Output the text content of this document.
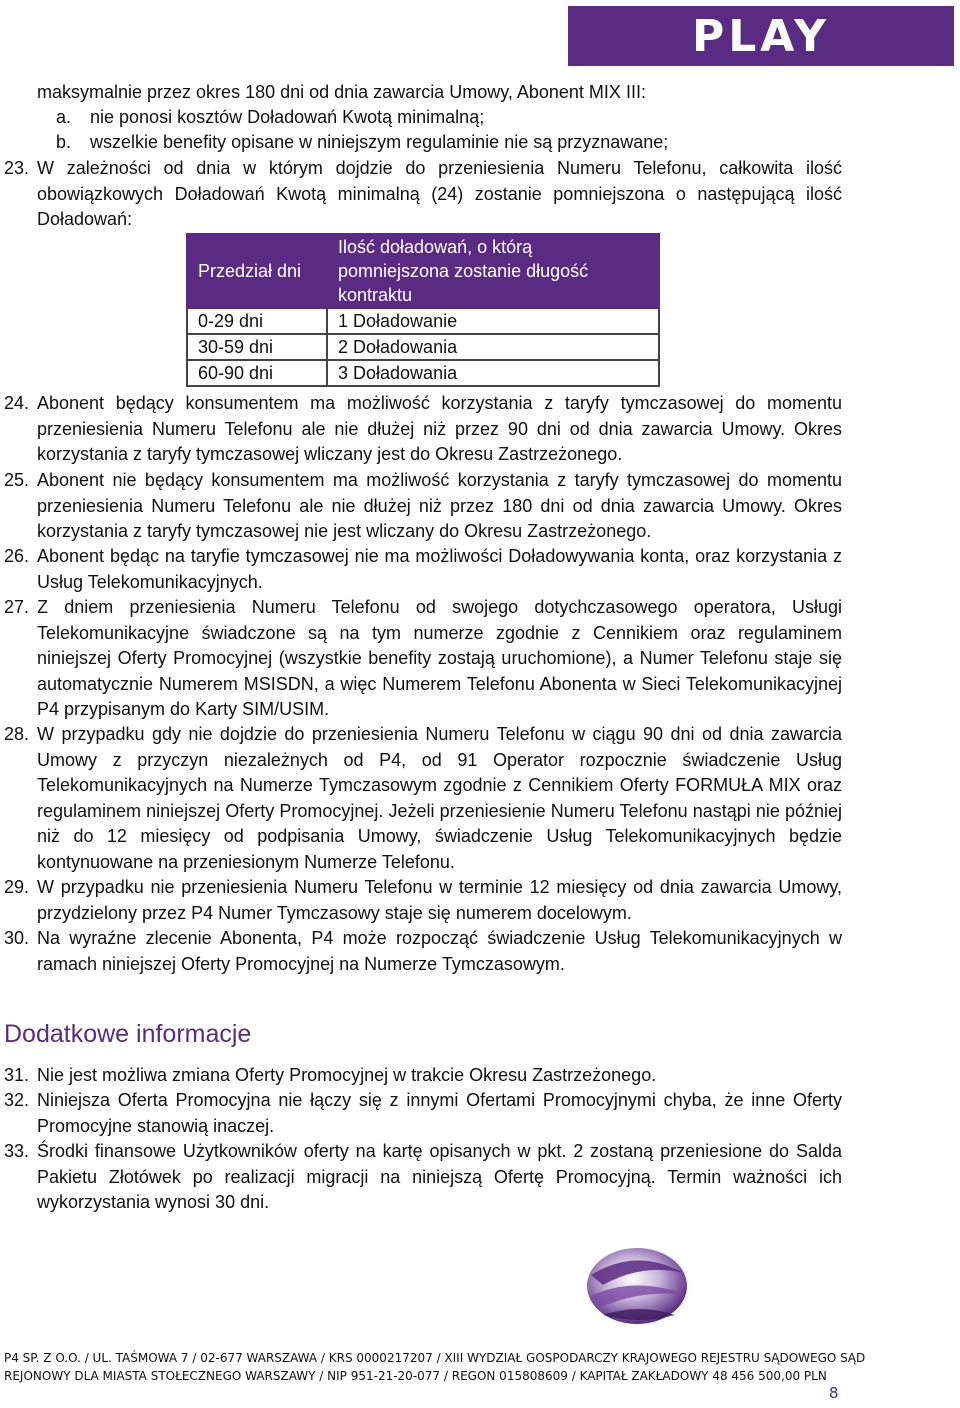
PLAY

maksymalnie przez okres 180 dni od dnia zawarcia Umowy, Abonent MIX III:

a. nie ponosi kosztów Doładowań Kwotą minimalną;
b. wszelkie benefity opisane w niniejszym regulaminie nie są przyznawane;
23. W zależności od dnia w którym dojdzie do przeniesienia Numeru Telefonu, całkowita ilość obowiązkowych Doładowań Kwotą minimalną (24) zostanie pomniejszona o następującą ilość Doładowań:
Przedział dni	Ilość doładowań, o którą pomniejszona zostanie długość kontraktu
0-29 dni	1 Doładowanie
30-59 dni	2 Doładowania
60-90 dni	3 Doładowania
24. Abonent będący konsumentem ma możliwość korzystania z taryfy tymczasowej do momentu przeniesienia Numeru Telefonu ale nie dłużej niż przez 90 dni od dnia zawarcia Umowy. Okres korzystania z taryfy tymczasowej wliczany jest do Okresu Zastrzeżonego.
25. Abonent nie będący konsumentem ma możliwość korzystania z taryfy tymczasowej do momentu przeniesienia Numeru Telefonu ale nie dłużej niż przez 180 dni od dnia zawarcia Umowy. Okres korzystania z taryfy tymczasowej nie jest wliczany do Okresu Zastrzeżonego.
26. Abonent będąc na taryfie tymczasowej nie ma możliwości Doładowywania konta, oraz korzystania z Usług Telekomunikacyjnych.
27. Z dniem przeniesienia Numeru Telefonu od swojego dotychczasowego operatora, Usługi Telekomunikacyjne świadczone są na tym numerze zgodnie z Cennikiem oraz regulaminem niniejszej Oferty Promocyjnej (wszystkie benefity zostają uruchomione), a Numer Telefonu staje się automatycznie Numerem MSISDN, a więc Numerem Telefonu Abonenta w Sieci Telekomunikacyjnej P4 przypisanym do Karty SIM/USIM.
28. W przypadku gdy nie dojdzie do przeniesienia Numeru Telefonu w ciągu 90 dni od dnia zawarcia Umowy z przyczyn niezależnych od P4, od 91 Operator rozpocznie świadczenie Usług Telekomunikacyjnych na Numerze Tymczasowym zgodnie z Cennikiem Oferty FORMUŁA MIX oraz regulaminem niniejszej Oferty Promocyjnej. Jeżeli przeniesienie Numeru Telefonu nastąpi nie później niż do 12 miesięcy od podpisania Umowy, świadczenie Usług Telekomunikacyjnych będzie kontynuowane na przeniesionym Numerze Telefonu.
29. W przypadku nie przeniesienia Numeru Telefonu w terminie 12 miesięcy od dnia zawarcia Umowy, przydzielony przez P4 Numer Tymczasowy staje się numerem docelowym.
30. Na wyraźne zlecenie Abonenta, P4 może rozpocząć świadczenie Usług Telekomunikacyjnych w ramach niniejszej Oferty Promocyjnej na Numerze Tymczasowym.
Dodatkowe informacje
31. Nie jest możliwa zmiana Oferty Promocyjnej w trakcie Okresu Zastrzeżonego.
32. Niniejsza Oferta Promocyjna nie łączy się z innymi Ofertami Promocyjnymi chyba, że inne Oferty Promocyjne stanowią inaczej.
33. Środki finansowe Użytkowników oferty na kartę opisanych w pkt. 2 zostaną przeniesione do Salda Pakietu Złotówek po realizacji migracji na niniejszą Ofertę Promocyjną. Termin ważności ich wykorzystania wynosi 30 dni.
P4 SP. Z O.O. / UL. TAŚMOWA 7 / 02-677 WARSZAWA / KRS 0000217207 / XIII WYDZIAŁ GOSPODARCZY KRAJOWEGO REJESTRU SĄDOWEGO SĄD
REJONOWY DLA MIASTA STOŁECZNEGO WARSZAWY / NIP 951-21-20-077 / REGON 015808609 / KAPITAŁ ZAKŁADOWY 48 456 500,00 PLN
8
